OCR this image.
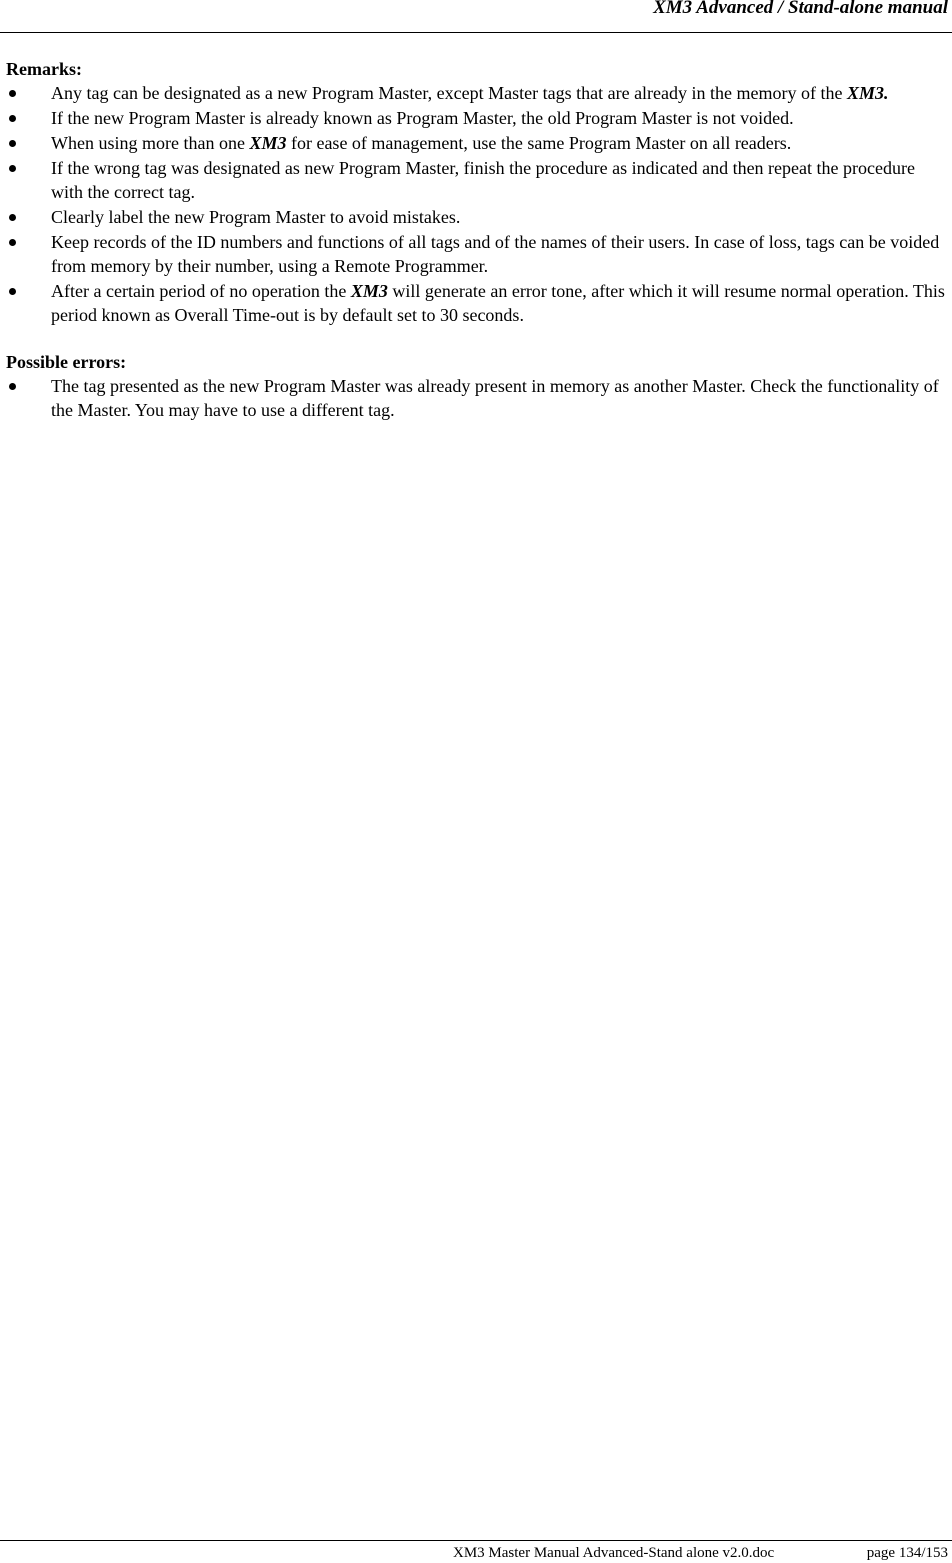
XM3 Advanced / Stand-alone manual
Remarks:
Any tag can be designated as a new Program Master, except Master tags that are already in the memory of the XM3.
If the new Program Master is already known as Program Master, the old Program Master is not voided.
When using more than one XM3 for ease of management, use the same Program Master on all readers.
If the wrong tag was designated as new Program Master, finish the procedure as indicated and then repeat the procedure with the correct tag.
Clearly label the new Program Master to avoid mistakes.
Keep records of the ID numbers and functions of all tags and of the names of their users. In case of loss, tags can be voided from memory by their number, using a Remote Programmer.
After a certain period of no operation the XM3 will generate an error tone, after which it will resume normal operation. This period known as Overall Time-out is by default set to 30 seconds.
Possible errors:
The tag presented as the new Program Master was already present in memory as another Master. Check the functionality of the Master. You may have to use a different tag.
XM3 Master Manual Advanced-Stand alone v2.0.doc	page 134/153
